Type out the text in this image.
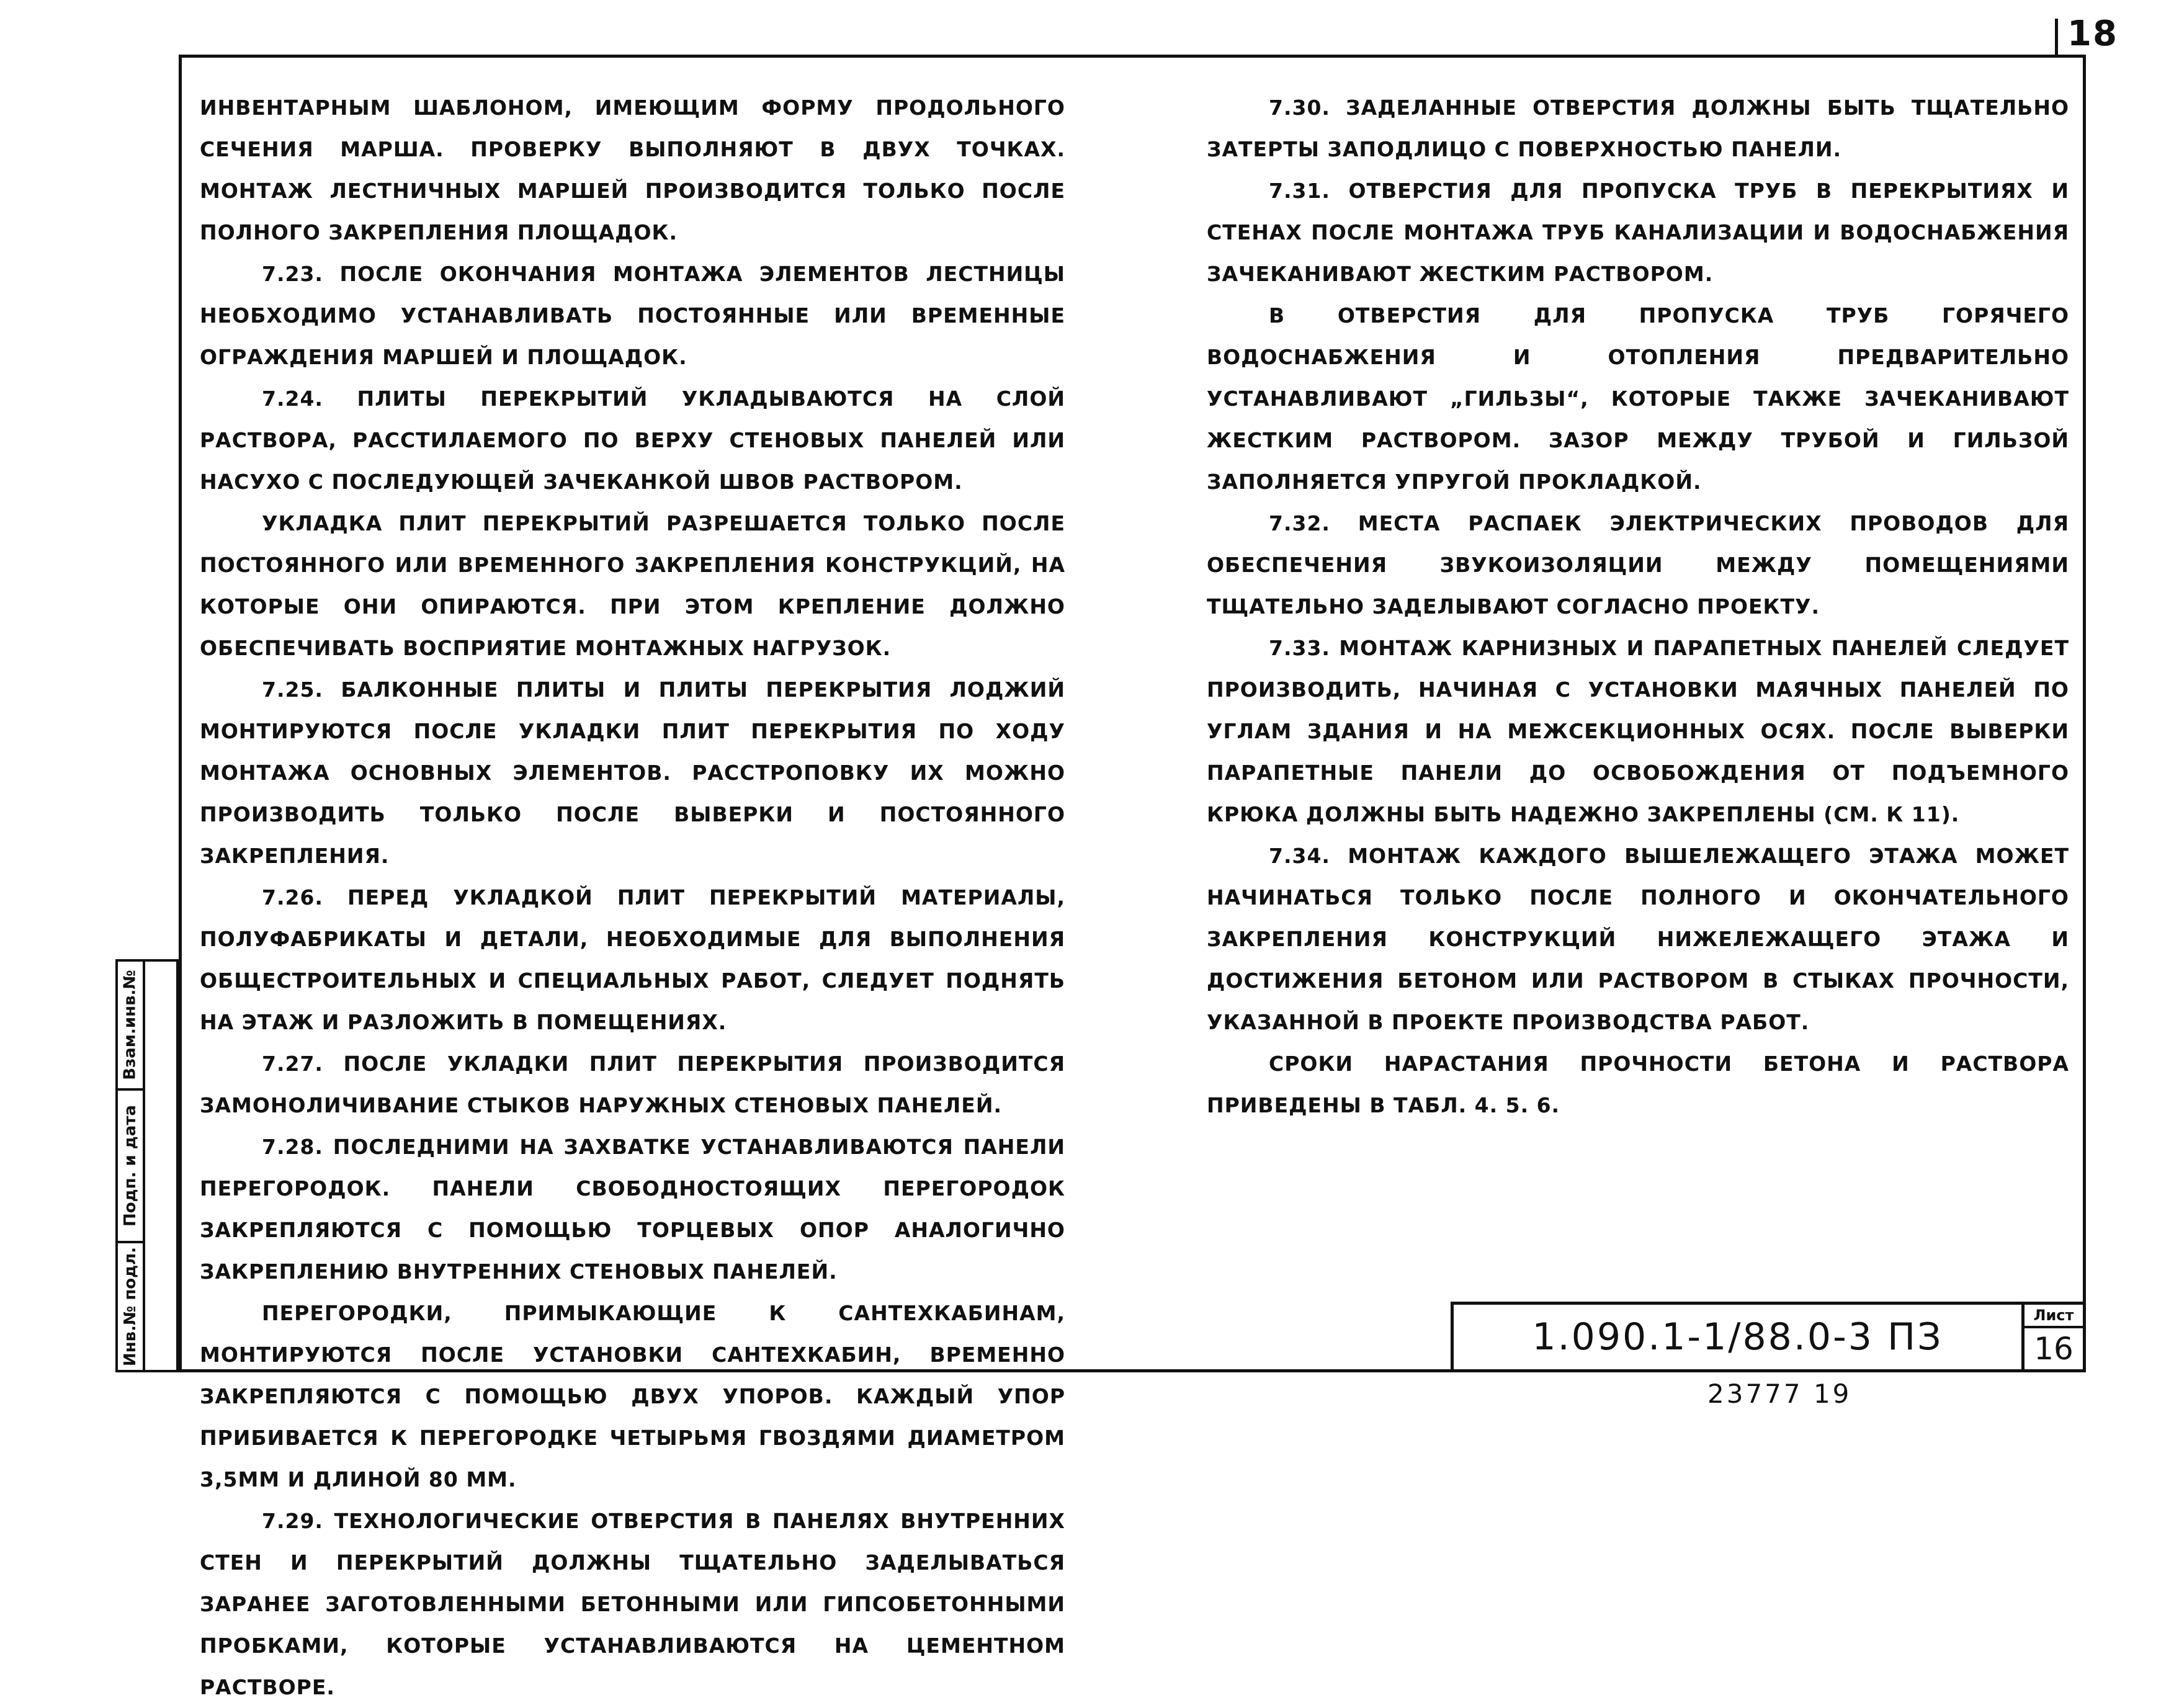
18

ИНВЕНТАРНЫМ ШАБЛОНОМ, ИМЕЮЩИМ ФОРМУ ПРОДОЛЬНОГО СЕЧЕНИЯ МАРША. ПРОВЕРКУ ВЫПОЛНЯЮТ В ДВУХ ТОЧКАХ. МОНТАЖ ЛЕСТНИЧНЫХ МАРШЕЙ ПРОИЗВОДИТСЯ ТОЛЬКО ПОСЛЕ ПОЛНОГО ЗАКРЕПЛЕНИЯ ПЛОЩАДОК.

7.23. ПОСЛЕ ОКОНЧАНИЯ МОНТАЖА ЭЛЕМЕНТОВ ЛЕСТНИЦЫ НЕОБХОДИМО УСТАНАВЛИВАТЬ ПОСТОЯННЫЕ ИЛИ ВРЕМЕННЫЕ ОГРАЖДЕНИЯ МАРШЕЙ И ПЛОЩАДОК.

7.24. ПЛИТЫ ПЕРЕКРЫТИЙ УКЛАДЫВАЮТСЯ НА СЛОЙ РАСТВОРА, РАССТИЛАЕМОГО ПО ВЕРХУ СТЕНОВЫХ ПАНЕЛЕЙ ИЛИ НАСУХО С ПОСЛЕДУЮЩЕЙ ЗАЧЕКАНКОЙ ШВОВ РАСТВОРОМ.

УКЛАДКА ПЛИТ ПЕРЕКРЫТИЙ РАЗРЕШАЕТСЯ ТОЛЬКО ПОСЛЕ ПОСТОЯННОГО ИЛИ ВРЕМЕННОГО ЗАКРЕПЛЕНИЯ КОНСТРУКЦИЙ, НА КОТОРЫЕ ОНИ ОПИРАЮТСЯ. ПРИ ЭТОМ КРЕПЛЕНИЕ ДОЛЖНО ОБЕСПЕЧИВАТЬ ВОСПРИЯТИЕ МОНТАЖНЫХ НАГРУЗОК.

7.25. БАЛКОННЫЕ ПЛИТЫ И ПЛИТЫ ПЕРЕКРЫТИЯ ЛОДЖИЙ МОНТИРУЮТСЯ ПОСЛЕ УКЛАДКИ ПЛИТ ПЕРЕКРЫТИЯ ПО ХОДУ МОНТАЖА ОСНОВНЫХ ЭЛЕМЕНТОВ. РАССТРОПОВКУ ИХ МОЖНО ПРОИЗВОДИТЬ ТОЛЬКО ПОСЛЕ ВЫВЕРКИ И ПОСТОЯННОГО ЗАКРЕПЛЕНИЯ.

7.26. ПЕРЕД УКЛАДКОЙ ПЛИТ ПЕРЕКРЫТИЙ МАТЕРИАЛЫ, ПОЛУФАБРИКАТЫ И ДЕТАЛИ, НЕОБХОДИМЫЕ ДЛЯ ВЫПОЛНЕНИЯ ОБЩЕСТРОИТЕЛЬНЫХ И СПЕЦИАЛЬНЫХ РАБОТ, СЛЕДУЕТ ПОДНЯТЬ НА ЭТАЖ И РАЗЛОЖИТЬ В ПОМЕЩЕНИЯХ.

7.27. ПОСЛЕ УКЛАДКИ ПЛИТ ПЕРЕКРЫТИЯ ПРОИЗВОДИТСЯ ЗАМОНОЛИЧИВАНИЕ СТЫКОВ НАРУЖНЫХ СТЕНОВЫХ ПАНЕЛЕЙ.

7.28. ПОСЛЕДНИМИ НА ЗАХВАТКЕ УСТАНАВЛИВАЮТСЯ ПАНЕЛИ ПЕРЕГОРОДОК. ПАНЕЛИ СВОБОДНОСТОЯЩИХ ПЕРЕГОРОДОК ЗАКРЕПЛЯЮТСЯ С ПОМОЩЬЮ ТОРЦЕВЫХ ОПОР АНАЛОГИЧНО ЗАКРЕПЛЕНИЮ ВНУТРЕННИХ СТЕНОВЫХ ПАНЕЛЕЙ.

ПЕРЕГОРОДКИ, ПРИМЫКАЮЩИЕ К САНТЕХКАБИНАМ, МОНТИРУЮТСЯ ПОСЛЕ УСТАНОВКИ САНТЕХКАБИН, ВРЕМЕННО ЗАКРЕПЛЯЮТСЯ С ПОМОЩЬЮ ДВУХ УПОРОВ. КАЖДЫЙ УПОР ПРИБИВАЕТСЯ К ПЕРЕГОРОДКЕ ЧЕТЫРЬМЯ ГВОЗДЯМИ ДИАМЕТРОМ 3,5ММ И ДЛИНОЙ 80 ММ.

7.29. ТЕХНОЛОГИЧЕСКИЕ ОТВЕРСТИЯ В ПАНЕЛЯХ ВНУТРЕННИХ СТЕН И ПЕРЕКРЫТИЙ ДОЛЖНЫ ТЩАТЕЛЬНО ЗАДЕЛЫВАТЬСЯ ЗАРАНЕЕ ЗАГОТОВЛЕННЫМИ БЕТОННЫМИ ИЛИ ГИПСОБЕТОННЫМИ ПРОБКАМИ, КОТОРЫЕ УСТАНАВЛИВАЮТСЯ НА ЦЕМЕНТНОМ РАСТВОРЕ.

7.30. ЗАДЕЛАННЫЕ ОТВЕРСТИЯ ДОЛЖНЫ БЫТЬ ТЩАТЕЛЬНО ЗАТЕРТЫ ЗАПОДЛИЦО С ПОВЕРХНОСТЬЮ ПАНЕЛИ.

7.31. ОТВЕРСТИЯ ДЛЯ ПРОПУСКА ТРУБ В ПЕРЕКРЫТИЯХ И СТЕНАХ ПОСЛЕ МОНТАЖА ТРУБ КАНАЛИЗАЦИИ И ВОДОСНАБЖЕНИЯ ЗАЧЕКАНИВАЮТ ЖЕСТКИМ РАСТВОРОМ.

В ОТВЕРСТИЯ ДЛЯ ПРОПУСКА ТРУБ ГОРЯЧЕГО ВОДОСНАБЖЕНИЯ И ОТОПЛЕНИЯ ПРЕДВАРИТЕЛЬНО УСТАНАВЛИВАЮТ „ГИЛЬЗЫ“, КОТОРЫЕ ТАКЖЕ ЗАЧЕКАНИВАЮТ ЖЕСТКИМ РАСТВОРОМ. ЗАЗОР МЕЖДУ ТРУБОЙ И ГИЛЬЗОЙ ЗАПОЛНЯЕТСЯ УПРУГОЙ ПРОКЛАДКОЙ.

7.32. МЕСТА РАСПАЕК ЭЛЕКТРИЧЕСКИХ ПРОВОДОВ ДЛЯ ОБЕСПЕЧЕНИЯ ЗВУКОИЗОЛЯЦИИ МЕЖДУ ПОМЕЩЕНИЯМИ ТЩАТЕЛЬНО ЗАДЕЛЫВАЮТ СОГЛАСНО ПРОЕКТУ.

7.33. МОНТАЖ КАРНИЗНЫХ И ПАРАПЕТНЫХ ПАНЕЛЕЙ СЛЕДУЕТ ПРОИЗВОДИТЬ, НАЧИНАЯ С УСТАНОВКИ МАЯЧНЫХ ПАНЕЛЕЙ ПО УГЛАМ ЗДАНИЯ И НА МЕЖСЕКЦИОННЫХ ОСЯХ. ПОСЛЕ ВЫВЕРКИ ПАРАПЕТНЫЕ ПАНЕЛИ ДО ОСВОБОЖДЕНИЯ ОТ ПОДЪЕМНОГО КРЮКА ДОЛЖНЫ БЫТЬ НАДЕЖНО ЗАКРЕПЛЕНЫ (СМ. К 11).

7.34. МОНТАЖ КАЖДОГО ВЫШЕЛЕЖАЩЕГО ЭТАЖА МОЖЕТ НАЧИНАТЬСЯ ТОЛЬКО ПОСЛЕ ПОЛНОГО И ОКОНЧАТЕЛЬНОГО ЗАКРЕПЛЕНИЯ КОНСТРУКЦИЙ НИЖЕЛЕЖАЩЕГО ЭТАЖА И ДОСТИЖЕНИЯ БЕТОНОМ ИЛИ РАСТВОРОМ В СТЫКАХ ПРОЧНОСТИ, УКАЗАННОЙ В ПРОЕКТЕ ПРОИЗВОДСТВА РАБОТ.

СРОКИ НАРАСТАНИЯ ПРОЧНОСТИ БЕТОНА И РАСТВОРА ПРИВЕДЕНЫ В ТАБЛ. 4. 5. 6.

Взам.инв.№
Подп. и дата
Инв.№ подл.	1.090.1-1/88.0-3 ПЗ	Лист
16
23777 19
